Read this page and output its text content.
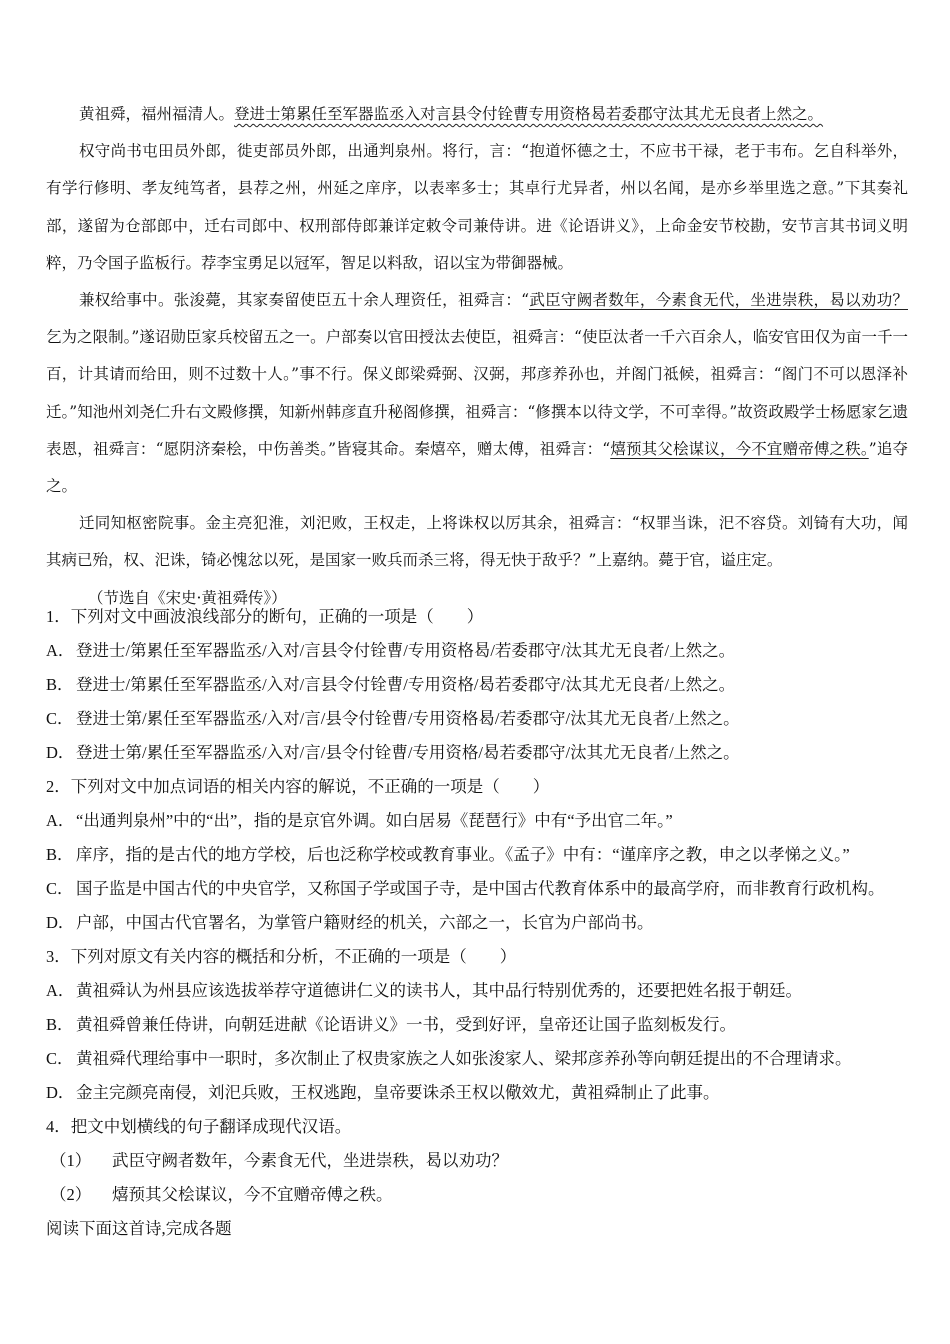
黄祖舜，福州福清人。登进士第累任至军器监丞入对言县令付铨曹专用资格曷若委郡守汰其尤无良者上然之。

权守尚书屯田员外郎，徙吏部员外郎，出通判泉州。将行，言：“抱道怀德之士，不应书干禄，老于韦布。乞自科举外，有学行修明、孝友纯笃者，县荐之州，州延之庠序，以表率多士；其卓行尤异者，州以名闻，是亦乡举里选之意。”下其奏礼部，遂留为仓部郎中，迁右司郎中、权刑部侍郎兼详定敕令司兼侍讲。进《论语讲义》，上命金安节校勘，安节言其书词义明粹，乃令国子监板行。荐李宝勇足以冠军，智足以料敌，诏以宝为带御器械。

兼权给事中。张浚薨，其家奏留使臣五十余人理资任，祖舜言：“武臣守阙者数年，今素食无代，坐进崇秩，曷以劝功？乞为之限制。”遂诏勋臣家兵校留五之一。户部奏以官田授汰去使臣，祖舜言：“使臣汰者一千六百余人，临安官田仅为亩一千一百，计其请而给田，则不过数十人。”事不行。保义郎梁舜弼、汉弼，邦彦养孙也，并阁门祗候，祖舜言：“阁门不可以恩泽补迁。”知池州刘尧仁升右文殿修撰，知新州韩彦直升秘阁修撰，祖舜言：“修撰本以待文学，不可幸得。”故资政殿学士杨愿家乞遗表恩，祖舜言：“愿阴济秦桧，中伤善类。”皆寝其命。秦熺卒，赠太傅，祖舜言：“熺预其父桧谋议，今不宜赠帝傅之秩。”追夺之。

迁同知枢密院事。金主亮犯淮，刘汜败，王权走，上将诛权以厉其余，祖舜言：“权罪当诛，汜不容贷。刘锜有大功，闻其病已殆，权、汜诛，锜必愧忿以死，是国家一败兵而杀三将，得无快于敌乎？”上嘉纳。薨于官，谥庄定。

（节选自《宋史·黄祖舜传》）

1．下列对文中画波浪线部分的断句，正确的一项是（　　）
A．登进士/第累任至军器监丞/入对/言县令付铨曹/专用资格曷/若委郡守/汰其尤无良者/上然之。
B． 登进士/第累任至军器监丞/入对/言县令付铨曹/专用资格/曷若委郡守/汰其尤无良者/上然之。
C． 登进士第/累任至军器监丞/入对/言/县令付铨曹/专用资格曷/若委郡守/汰其尤无良者/上然之。
D．登进士第/累任至军器监丞/入对/言/县令付铨曹/专用资格/曷若委郡守/汰其尤无良者/上然之。
2．下列对文中加点词语的相关内容的解说，不正确的一项是（　　）
A．“出通判泉州”中的“出”，指的是京官外调。如白居易《琵琶行》中有“予出官二年。”
B． 庠序，指的是古代的地方学校，后也泛称学校或教育事业。《孟子》中有：“谨庠序之教，申之以孝悌之义。”
C． 国子监是中国古代的中央官学，又称国子学或国子寺，是中国古代教育体系中的最高学府，而非教育行政机构。
D．户部，中国古代官署名，为掌管户籍财经的机关，六部之一，长官为户部尚书。
3．下列对原文有关内容的概括和分析，不正确的一项是（　　）
A．黄祖舜认为州县应该选拔举荐守道德讲仁义的读书人，其中品行特别优秀的，还要把姓名报于朝廷。
B． 黄祖舜曾兼任侍讲，向朝廷进献《论语讲义》一书，受到好评，皇帝还让国子监刻板发行。
C． 黄祖舜代理给事中一职时，多次制止了权贵家族之人如张浚家人、梁邦彦养孙等向朝廷提出的不合理请求。
D．金主完颜亮南侵，刘汜兵败，王权逃跑，皇帝要诛杀王权以儆效尤，黄祖舜制止了此事。
4．把文中划横线的句子翻译成现代汉语。
（1） 武臣守阙者数年，今素食无代，坐进崇秩，曷以劝功？
（2） 熺预其父桧谋议，今不宜赠帝傅之秩。
阅读下面这首诗,完成各题
